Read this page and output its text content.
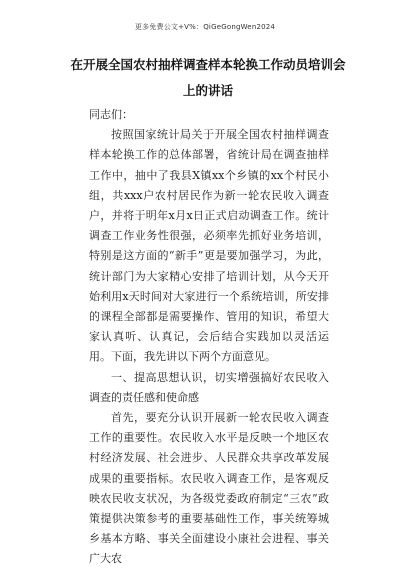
更多免费公文+V%：QiGeGongWen2024
在开展全国农村抽样调查样本轮换工作动员培训会上的讲话

同志们：

按照国家统计局关于开展全国农村抽样调查样本轮换工作的总体部署，省统计局在调查抽样工作中，抽中了我县X镇xx个乡镇的xx个村民小组，共xxx户农村居民作为新一轮农民收入调查户，并将于明年x月x日正式启动调查工作。统计调查工作业务性很强，必须率先抓好业务培训，特别是这方面的“新手”更是要加强学习，为此，统计部门为大家精心安排了培训计划，从今天开始利用x天时间对大家进行一个系统培训，所安排的课程全部都是需要操作、管用的知识，希望大家认真听、认真记，会后结合实践加以灵活运用。下面，我先讲以下两个方面意见。

一、提高思想认识，切实增强搞好农民收入调查的责任感和使命感

首先，要充分认识开展新一轮农民收入调查工作的重要性。农民收入水平是反映一个地区农村经济发展、社会进步、人民群众共享改革发展成果的重要指标。农民收入调查工作，是客观反映农民收支状况，为各级党委政府制定“三农”政策提供决策参考的重要基础性工作，事关统筹城乡基本方略、事关全面建设小康社会进程、事关广大农
